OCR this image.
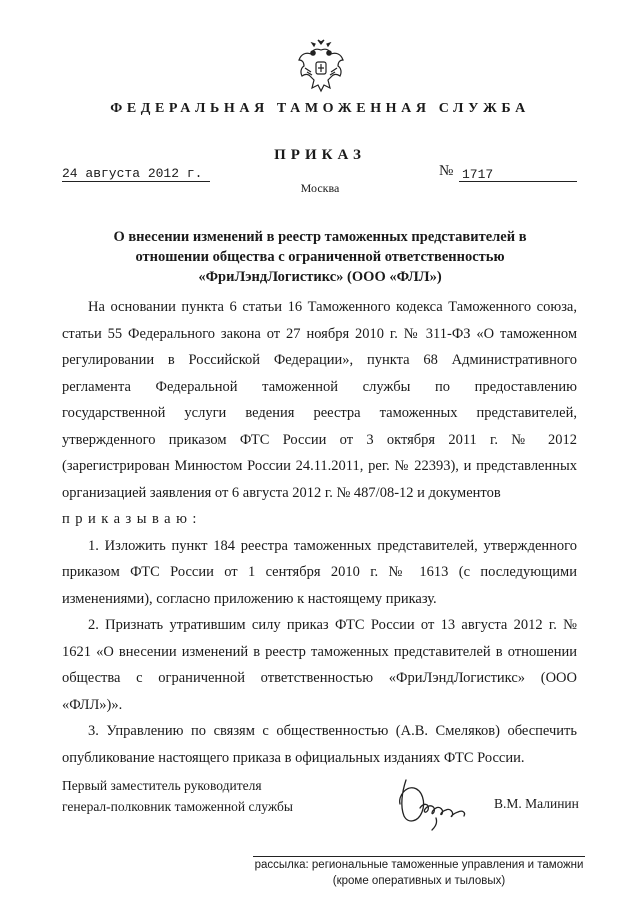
ФЕДЕРАЛЬНАЯ ТАМОЖЕННАЯ СЛУЖБА
ПРИКАЗ
24 августа 2012 г.	№ 1717
Москва
О внесении изменений в реестр таможенных представителей в
отношении общества с ограниченной ответственностью
«ФриЛэндЛогистикс» (ООО «ФЛЛ»)

На основании пункта 6 статьи 16 Таможенного кодекса Таможенного союза, статьи 55 Федерального закона от 27 ноября 2010 г. № 311-ФЗ «О таможенном регулировании в Российской Федерации», пункта 68 Административного регламента Федеральной таможенной службы по предоставлению государственной услуги ведения реестра таможенных представителей, утвержденного приказом ФТС России от 3 октября 2011 г. № 2012 (зарегистрирован Минюстом России 24.11.2011, рег. № 22393), и представленных организацией заявления от 6 августа 2012 г. № 487/08-12 и документов

приказываю:

1. Изложить пункт 184 реестра таможенных представителей, утвержденного приказом ФТС России от 1 сентября 2010 г. № 1613 (с последующими изменениями), согласно приложению к настоящему приказу.

2. Признать утратившим силу приказ ФТС России от 13 августа 2012 г. № 1621 «О внесении изменений в реестр таможенных представителей в отношении общества с ограниченной ответственностью «ФриЛэндЛогистикс» (ООО «ФЛЛ»)».

3. Управлению по связям с общественностью (А.В. Смеляков) обеспечить опубликование настоящего приказа в официальных изданиях ФТС России.

Первый заместитель руководителя
генерал-полковник таможенной службы	В.М. Малинин
рассылка: региональные таможенные управления и таможни
(кроме оперативных и тыловых)
